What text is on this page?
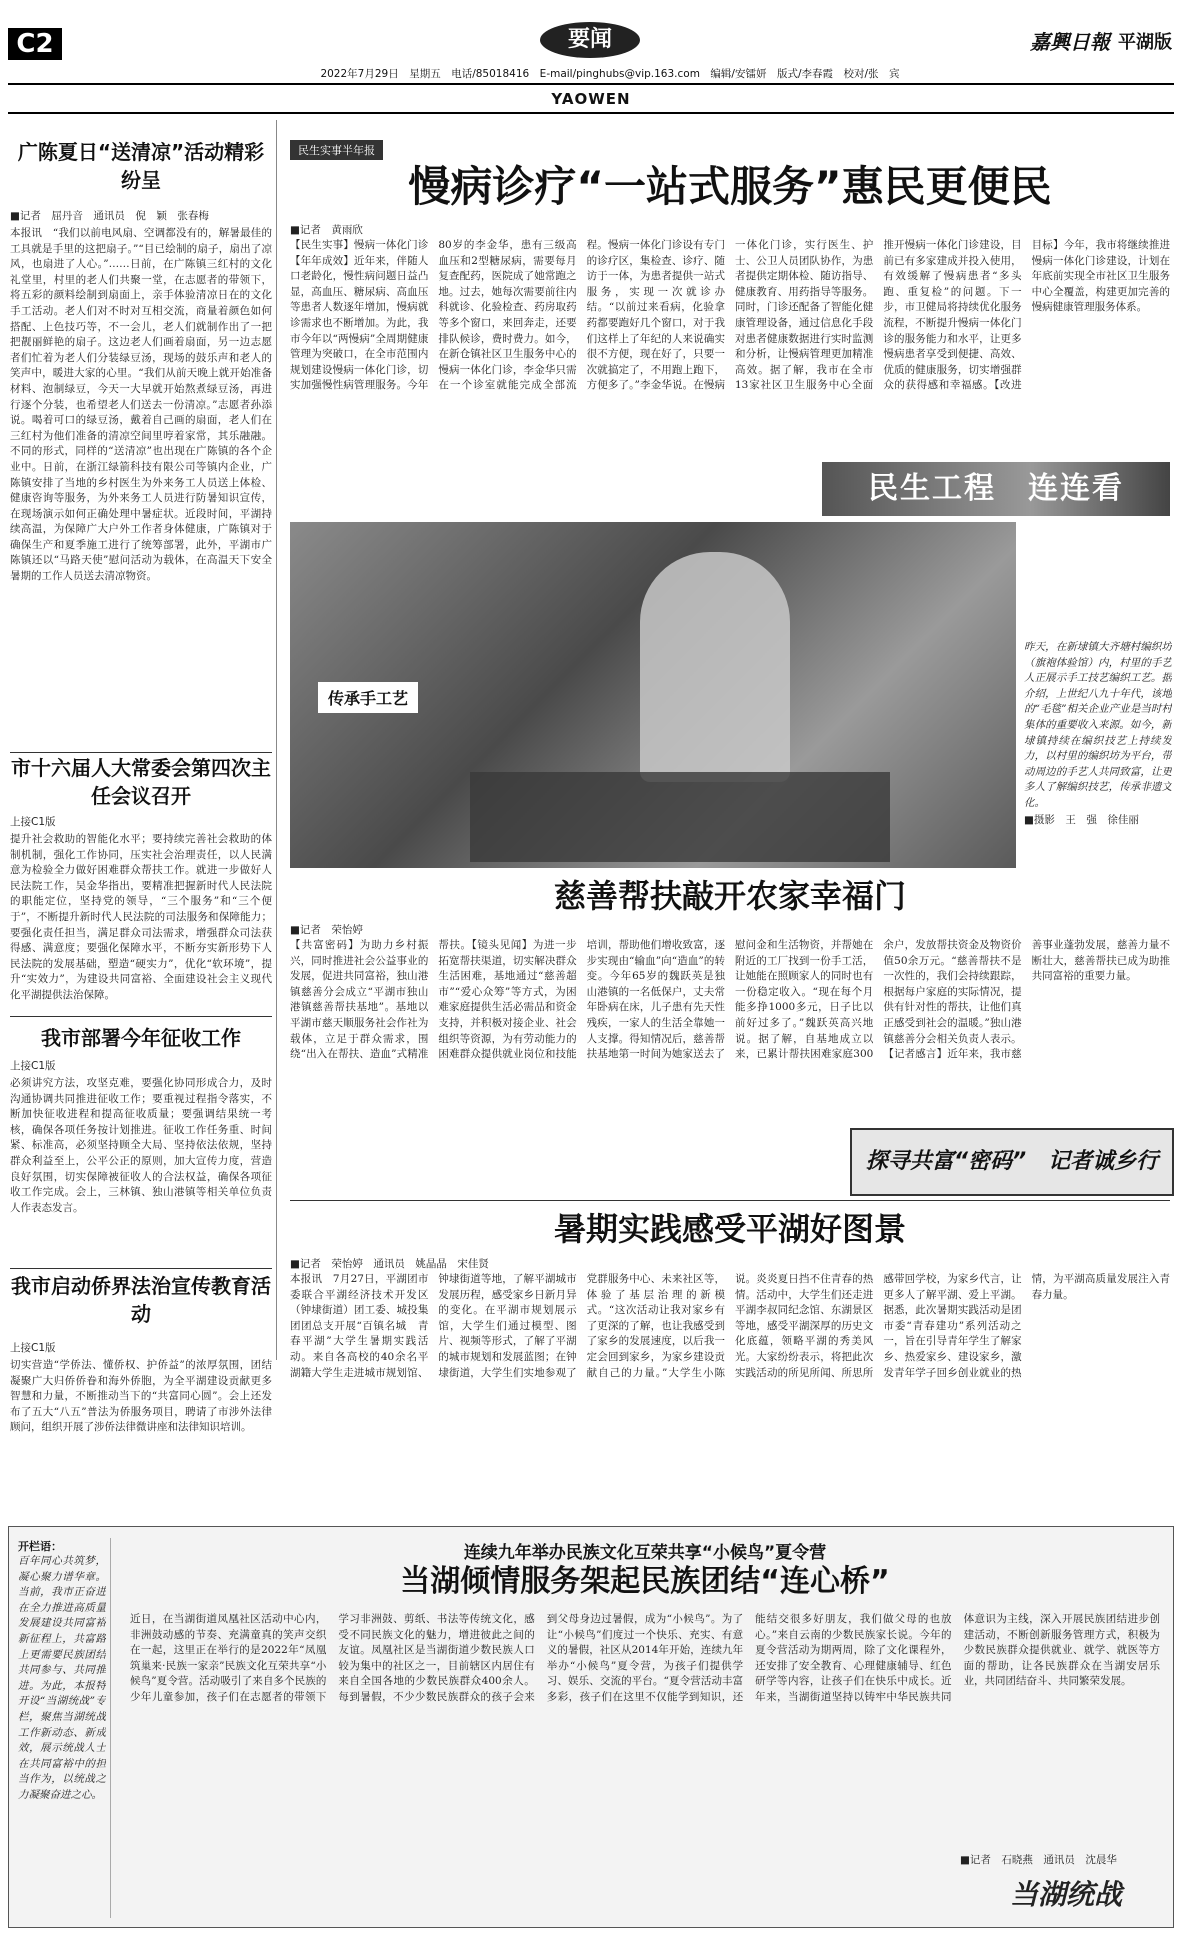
C2	要闻	嘉興日報 平湖版
2022年7月29日　星期五　电话/85018416　E-mail/pinghubs@vip.163.com　编辑/安镭妍　版式/李春霞　校对/张　宾
YAOWEN
广陈夏日“送清凉”活动精彩纷呈
■记者　屈丹音　通讯员　倪　颖　张春梅
本报讯　“我们以前电风扇、空调都没有的，解暑最佳的工具就是手里的这把扇子。”“目已绘制的扇子，扇出了凉风，也扇进了人心。”……日前，在广陈镇三红村的文化礼堂里，村里的老人们共聚一堂，在志愿者的带领下，将五彩的颜料绘制到扇面上，亲手体验清凉日在的文化手工活动。老人们对不时对互相交流，商量着颜色如何搭配、上色技巧等，不一会儿，老人们就制作出了一把把靓丽鲜艳的扇子。这边老人们画着扇面，另一边志愿者们忙着为老人们分装绿豆汤，现场的鼓乐声和老人的笑声中，暖进大家的心里。“我们从前天晚上就开始准备材料、泡制绿豆，今天一大早就开始熬煮绿豆汤，再进行逐个分装，也希望老人们送去一份清凉。”志愿者孙添说。喝着可口的绿豆汤，戴着自己画的扇面，老人们在三红村为他们准备的清凉空间里哼着家常，其乐融融。不同的形式，同样的“送清凉”也出现在广陈镇的各个企业中。日前，在浙江绿箭科技有限公司等镇内企业，广陈镇安排了当地的乡村医生为外来务工人员送上体检、健康咨询等服务，为外来务工人员进行防暑知识宣传，在现场演示如何正确处理中暑症状。近段时间，平湖持续高温，为保障广大户外工作者身体健康，广陈镇对于确保生产和夏季施工进行了统筹部署，此外，平湖市广陈镇还以“马路天使”慰问活动为载体，在高温天下安全暑期的工作人员送去清凉物资。
市十六届人大常委会第四次主任会议召开
上接C1版
提升社会救助的智能化水平；要持续完善社会救助的体制机制，强化工作协同，压实社会治理责任，以人民满意为检验全力做好困难群众帮扶工作。就进一步做好人民法院工作，吴金华指出，要精准把握新时代人民法院的职能定位，坚持党的领导，“三个服务”和“三个便于”，不断提升新时代人民法院的司法服务和保障能力；要强化责任担当，满足群众司法需求，增强群众司法获得感、满意度；要强化保障水平，不断夯实新形势下人民法院的发展基础，塑造“硬实力”，优化“软环境”，提升“实效力”，为建设共同富裕、全面建设社会主义现代化平湖提供法治保障。
我市部署今年征收工作
上接C1版
必须讲究方法，攻坚克难，要强化协同形成合力，及时沟通协调共同推进征收工作；要重视过程指令落实，不断加快征收进程和提高征收质量；要强调结果统一考核，确保各项任务按计划推进。征收工作任务重、时间紧、标准高，必须坚持顾全大局、坚持依法依规，坚持群众利益至上，公平公正的原则，加大宣传力度，营造良好氛围，切实保障被征收人的合法权益，确保各项征收工作完成。会上，三林镇、独山港镇等相关单位负责人作表态发言。
我市启动侨界法治宣传教育活动
上接C1版
切实营造“学侨法、懂侨权、护侨益”的浓厚氛围，团结凝聚广大归侨侨眷和海外侨胞，为全平湖建设贡献更多智慧和力量，不断推动当下的“共富同心圆”。会上还发布了五大“八五”普法为侨服务项目，聘请了市涉外法律顾问，组织开展了涉侨法律微讲座和法律知识培训。
民生实事半年报
慢病诊疗“一站式服务”惠民更便民
■记者　黄雨欣
【民生实事】慢病一体化门诊【年年成效】近年来，伴随人口老龄化，慢性病问题日益凸显，高血压、糖尿病、高血压等患者人数逐年增加，慢病就诊需求也不断增加。为此，我市今年以“两慢病”全周期健康管理为突破口，在全市范围内规划建设慢病一体化门诊，切实加强慢性病管理服务。今年80岁的李金华，患有三级高血压和2型糖尿病，需要每月复查配药，医院成了她常跑之地。过去，她每次需要前往内科就诊、化验检查、药房取药等多个窗口，来回奔走，还要排队候诊，费时费力。如今，在新仓镇社区卫生服务中心的慢病一体化门诊，李金华只需在一个诊室就能完成全部流程。慢病一体化门诊设有专门的诊疗区，集检查、诊疗、随访于一体，为患者提供一站式服务，实现一次就诊办结。“以前过来看病，化验拿药都要跑好几个窗口，对于我们这样上了年纪的人来说确实很不方便，现在好了，只要一次就搞定了，不用跑上跑下，方便多了。”李金华说。在慢病一体化门诊，实行医生、护士、公卫人员团队协作，为患者提供定期体检、随访指导、健康教育、用药指导等服务。同时，门诊还配备了智能化健康管理设备，通过信息化手段对患者健康数据进行实时监测和分析，让慢病管理更加精准高效。据了解，我市在全市13家社区卫生服务中心全面推开慢病一体化门诊建设，目前已有多家建成并投入使用，有效缓解了慢病患者“多头跑、重复检”的问题。下一步，市卫健局将持续优化服务流程，不断提升慢病一体化门诊的服务能力和水平，让更多慢病患者享受到便捷、高效、优质的健康服务，切实增强群众的获得感和幸福感。【改进目标】今年，我市将继续推进慢病一体化门诊建设，计划在年底前实现全市社区卫生服务中心全覆盖，构建更加完善的慢病健康管理服务体系。
民生工程　连连看
传承手工艺
昨天，在新埭镇大齐塘村编织坊（旗袍体验馆）内，村里的手艺人正展示手工技艺编织工艺。据介绍，上世纪八九十年代，该地的“毛毯”相关企业产业是当时村集体的重要收入来源。如今，新埭镇持续在编织技艺上持续发力，以村里的编织坊为平台，带动周边的手艺人共同致富，让更多人了解编织技艺，传承非遗文化。
■摄影　王　强　徐佳丽
慈善帮扶敲开农家幸福门
■记者　荣怡婷
【共富密码】为助力乡村振兴，同时推进社会公益事业的发展，促进共同富裕，独山港镇慈善分会成立“平湖市独山港镇慈善帮扶基地”。基地以平湖市慈天顺服务社会作社为载体，立足于群众需求，围绕“出入在帮扶、造血”式精准帮扶。【镜头见闻】为进一步拓宽帮扶渠道，切实解决群众生活困难，基地通过“慈善超市”“爱心众筹”等方式，为困难家庭提供生活必需品和资金支持，并积极对接企业、社会组织等资源，为有劳动能力的困难群众提供就业岗位和技能培训，帮助他们增收致富，逐步实现由“输血”向“造血”的转变。今年65岁的魏跃英是独山港镇的一名低保户，丈夫常年卧病在床，儿子患有先天性残疾，一家人的生活全靠她一人支撑。得知情况后，慈善帮扶基地第一时间为她家送去了慰问金和生活物资，并帮她在附近的工厂找到一份手工活，让她能在照顾家人的同时也有一份稳定收入。“现在每个月能多挣1000多元，日子比以前好过多了。”魏跃英高兴地说。据了解，自基地成立以来，已累计帮扶困难家庭300余户，发放帮扶资金及物资价值50余万元。“慈善帮扶不是一次性的，我们会持续跟踪，根据每户家庭的实际情况，提供有针对性的帮扶，让他们真正感受到社会的温暖。”独山港镇慈善分会相关负责人表示。【记者感言】近年来，我市慈善事业蓬勃发展，慈善力量不断壮大，慈善帮扶已成为助推共同富裕的重要力量。
探寻共富“密码”　记者诚乡行
暑期实践感受平湖好图景
■记者　荣怡婷　通讯员　姚晶晶　宋佳贤
本报讯　7月27日，平湖团市委联合平湖经济技术开发区（钟埭街道）团工委、城投集团团总支开展“百镇名城　青春平湖”大学生暑期实践活动。来自各高校的40余名平湖籍大学生走进城市规划馆、钟埭街道等地，了解平湖城市发展历程，感受家乡日新月异的变化。在平湖市规划展示馆，大学生们通过模型、图片、视频等形式，了解了平湖的城市规划和发展蓝图；在钟埭街道，大学生们实地参观了党群服务中心、未来社区等，体验了基层治理的新模式。“这次活动让我对家乡有了更深的了解，也让我感受到了家乡的发展速度，以后我一定会回到家乡，为家乡建设贡献自己的力量。”大学生小陈说。炎炎夏日挡不住青春的热情。活动中，大学生们还走进平湖李叔同纪念馆、东湖景区等地，感受平湖深厚的历史文化底蕴，领略平湖的秀美风光。大家纷纷表示，将把此次实践活动的所见所闻、所思所感带回学校，为家乡代言，让更多人了解平湖、爱上平湖。据悉，此次暑期实践活动是团市委“青春建功”系列活动之一，旨在引导青年学生了解家乡、热爱家乡、建设家乡，激发青年学子回乡创业就业的热情，为平湖高质量发展注入青春力量。
开栏语：
百年同心共筑梦，凝心聚力谱华章。当前，我市正奋进在全力推进高质量发展建设共同富裕新征程上，共富路上更需要民族团结共同参与、共同推进。为此，本报特开设“当湖统战”专栏，聚焦当湖统战工作新动态、新成效，展示统战人士在共同富裕中的担当作为，以统战之力凝聚奋进之心。
连续九年举办民族文化互荣共享“小候鸟”夏令营
当湖倾情服务架起民族团结“连心桥”
近日，在当湖街道凤凰社区活动中心内，非洲鼓动感的节奏、充满童真的笑声交织在一起，这里正在举行的是2022年“凤凰筑巢来·民族一家亲”民族文化互荣共享“小候鸟”夏令营。活动吸引了来自多个民族的少年儿童参加，孩子们在志愿者的带领下学习非洲鼓、剪纸、书法等传统文化，感受不同民族文化的魅力，增进彼此之间的友谊。凤凰社区是当湖街道少数民族人口较为集中的社区之一，目前辖区内居住有来自全国各地的少数民族群众400余人。每到暑假，不少少数民族群众的孩子会来到父母身边过暑假，成为“小候鸟”。为了让“小候鸟”们度过一个快乐、充实、有意义的暑假，社区从2014年开始，连续九年举办“小候鸟”夏令营，为孩子们提供学习、娱乐、交流的平台。“夏令营活动丰富多彩，孩子们在这里不仅能学到知识，还能结交很多好朋友，我们做父母的也放心。”来自云南的少数民族家长说。今年的夏令营活动为期两周，除了文化课程外，还安排了安全教育、心理健康辅导、红色研学等内容，让孩子们在快乐中成长。近年来，当湖街道坚持以铸牢中华民族共同体意识为主线，深入开展民族团结进步创建活动，不断创新服务管理方式，积极为少数民族群众提供就业、就学、就医等方面的帮助，让各民族群众在当湖安居乐业，共同团结奋斗、共同繁荣发展。
■记者　石晓燕　通讯员　沈晨华
当湖统战
